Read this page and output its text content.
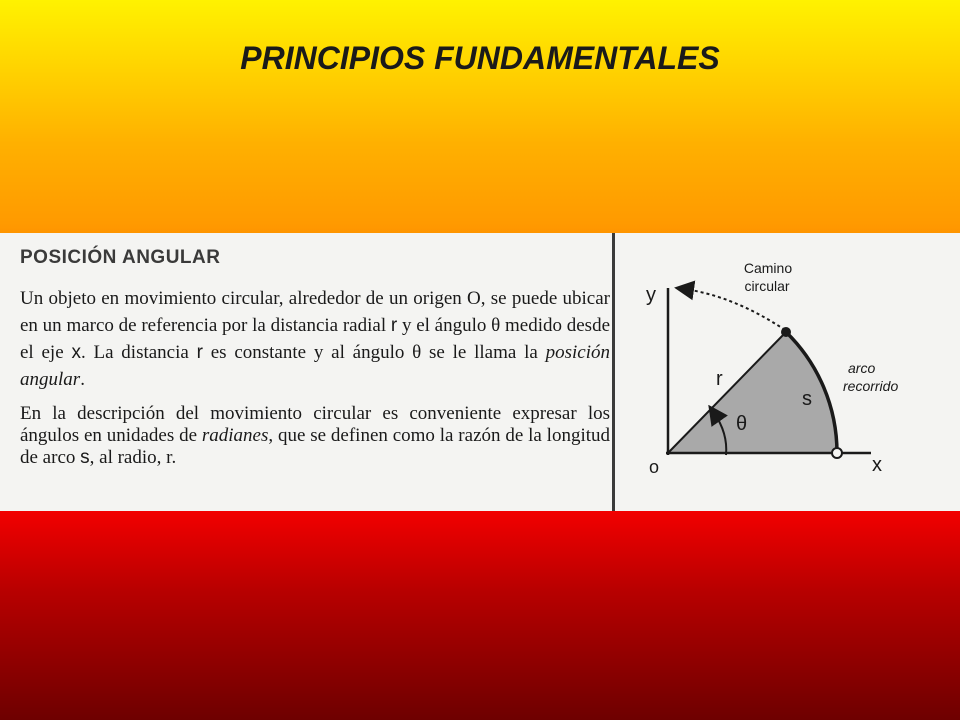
PRINCIPIOS FUNDAMENTALES
POSICIÓN ANGULAR

Un objeto en movimiento circular, alrededor de un origen O, se puede ubicar en un marco de referencia por la distancia radial r y el ángulo θ medido desde el eje x. La distancia r es constante y al ángulo θ se le llama la posición angular.

En la descripción del movimiento circular es conveniente expresar los ángulos en unidades de radianes, que se definen como la razón de la longitud de arco s, al radio, r.

y
x
o
Camino
circular
r
s
θ
arco
recorrido
